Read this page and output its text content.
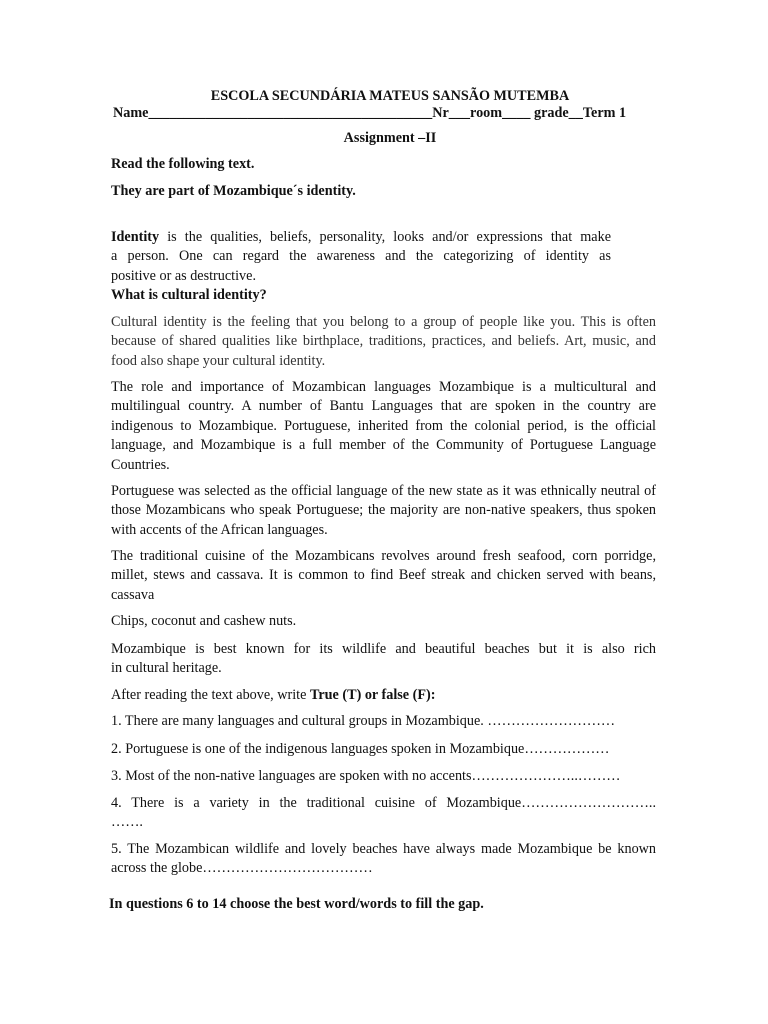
ESCOLA SECUNDÁRIA MATEUS SANSÃO MUTEMBA
Name________________________________________Nr___room____ grade__Term 1
Assignment –II
Read the following text.
They are part of Mozambique´s identity.

Identity is the qualities, beliefs, personality, looks and/or expressions that make

a person. One can regard the awareness and the categorizing of identity as

positive or as destructive.

What is cultural identity?
Cultural identity is the feeling that you belong to a group of people like you. This is often because of shared qualities like birthplace, traditions, practices, and beliefs. Art, music, and food also shape your cultural identity.
The role and importance of Mozambican languages Mozambique is a multicultural and multilingual country. A number of Bantu Languages that are spoken in the country are indigenous to Mozambique. Portuguese, inherited from the colonial period, is the official language, and Mozambique is a full member of the Community of Portuguese Language Countries.
Portuguese was selected as the official language of the new state as it was ethnically neutral of those Mozambicans who speak Portuguese; the majority are non-native speakers, thus spoken with accents of the African languages.
The traditional cuisine of the Mozambicans revolves around fresh seafood, corn porridge, millet, stews and cassava. It is common to find Beef streak and chicken served with beans, cassava
Chips, coconut and cashew nuts.

Mozambique is best known for its wildlife and beautiful beaches but it is also rich

in cultural heritage.

After reading the text above, write True (T) or false (F):
1. There are many languages and cultural groups in Mozambique. ………………………
2. Portuguese is one of the indigenous languages spoken in Mozambique………………
3. Most of the non-native languages are spoken with no accents…………………..………

4. There is a variety in the traditional cuisine of Mozambique………………………..

…….

5. The Mozambican wildlife and lovely beaches have always made Mozambique be known across the globe………………………………
In questions 6 to 14 choose the best word/words to fill the gap.
